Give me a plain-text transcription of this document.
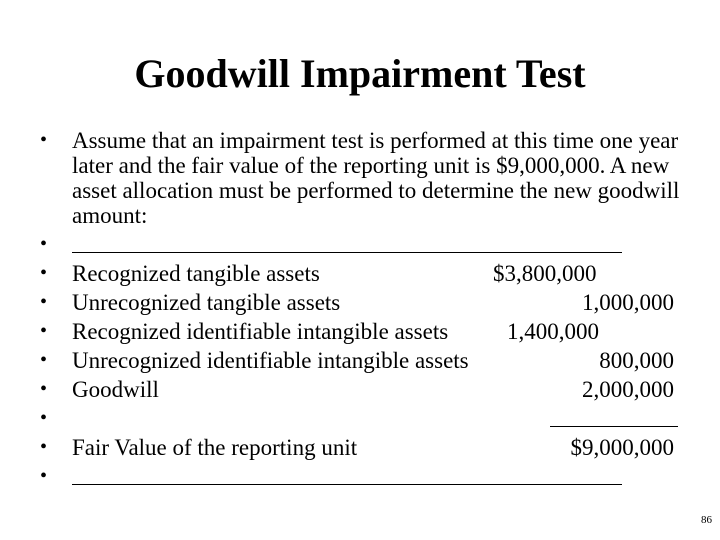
Goodwill Impairment Test
• Assume that an impairment test is performed at this time one year later and the fair value of the reporting unit is $9,000,000. A new asset allocation must be performed to determine the new goodwill amount:
•
• Recognized tangible assets	$3,800,000
• Unrecognized tangible assets	1,000,000
• Recognized identifiable intangible assets	1,400,000
• Unrecognized identifiable intangible assets	800,000
• Goodwill	2,000,000
•
• Fair Value of the reporting unit	$9,000,000
•
86
